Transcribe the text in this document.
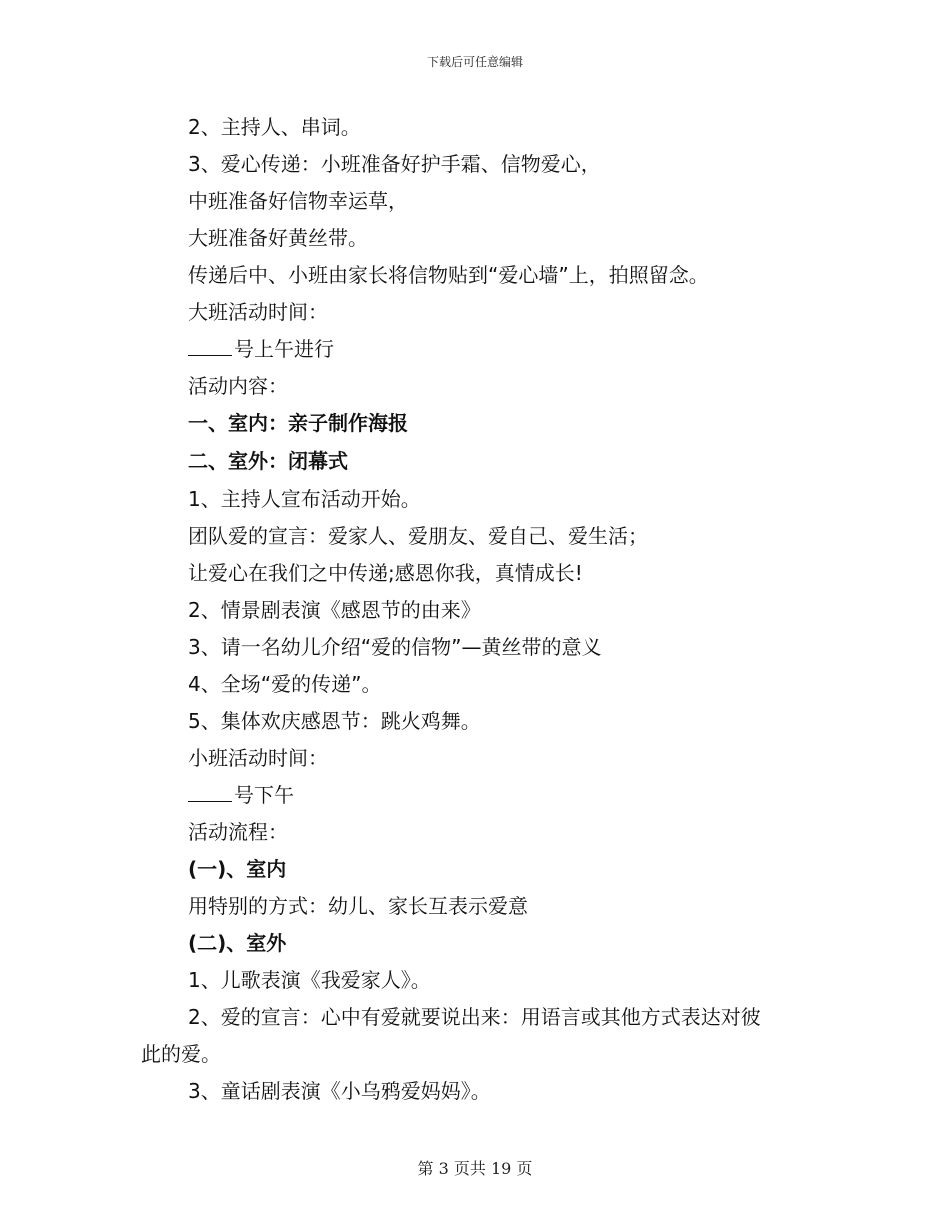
下载后可任意编辑
2、主持人、串词。
3、爱心传递：小班准备好护手霜、信物爱心，
中班准备好信物幸运草，
大班准备好黄丝带。
传递后中、小班由家长将信物贴到“爱心墙”上，拍照留念。
大班活动时间：
号上午进行
活动内容：
一、室内：亲子制作海报
二、室外：闭幕式
1、主持人宣布活动开始。
团队爱的宣言：爱家人、爱朋友、爱自己、爱生活；
让爱心在我们之中传递;感恩你我，真情成长!
2、情景剧表演《感恩节的由来》
3、请一名幼儿介绍“爱的信物”—黄丝带的意义
4、全场“爱的传递”。
5、集体欢庆感恩节：跳火鸡舞。
小班活动时间：
号下午
活动流程：
(一)、室内
用特别的方式：幼儿、家长互表示爱意
(二)、室外
1、儿歌表演《我爱家人》。
2、爱的宣言：心中有爱就要说出来：用语言或其他方式表达对彼
此的爱。
3、童话剧表演《小乌鸦爱妈妈》。
第 3 页共 19 页
